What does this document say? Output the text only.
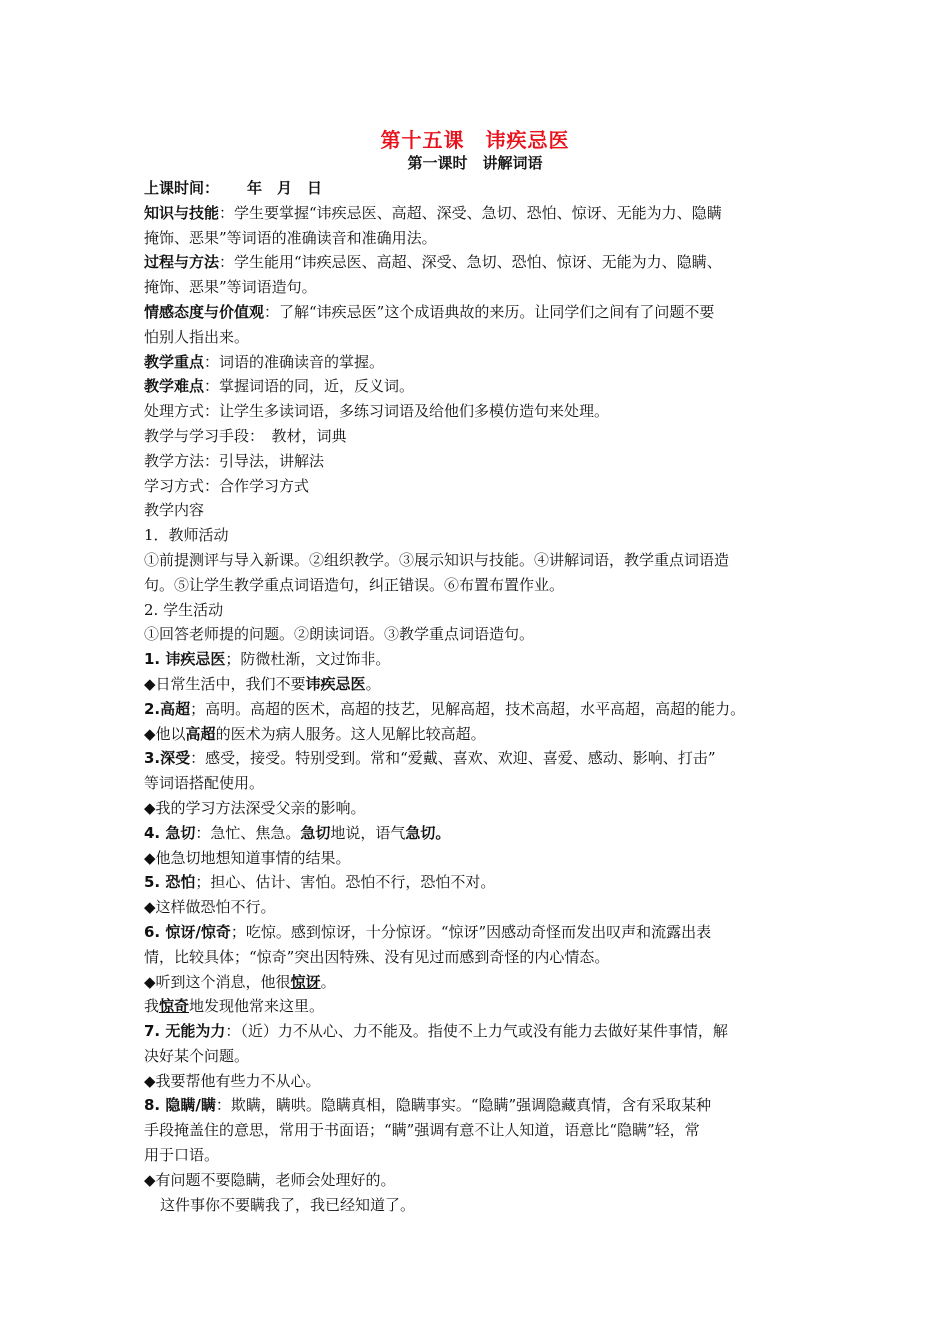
第十五课　讳疾忌医
第一课时　讲解词语
上课时间： 年　月　日
知识与技能：学生要掌握“讳疾忌医、高超、深受、急切、恐怕、惊讶、无能为力、隐瞒
掩饰、恶果”等词语的准确读音和准确用法。
过程与方法：学生能用“讳疾忌医、高超、深受、急切、恐怕、惊讶、无能为力、隐瞒、
掩饰、恶果”等词语造句。
情感态度与价值观：了解“讳疾忌医”这个成语典故的来历。让同学们之间有了问题不要
怕别人指出来。
教学重点：词语的准确读音的掌握。
教学难点：掌握词语的同，近，反义词。
处理方式：让学生多读词语，多练习词语及给他们多模仿造句来处理。
教学与学习手段：　教材，词典
教学方法：引导法，讲解法
学习方式：合作学习方式
教学内容
1．教师活动
①前提测评与导入新课。②组织教学。③展示知识与技能。④讲解词语，教学重点词语造
句。⑤让学生教学重点词语造句，纠正错误。⑥布置布置作业。
2. 学生活动
①回答老师提的问题。②朗读词语。③教学重点词语造句。
1. 讳疾忌医；防微杜渐，文过饰非。
◆日常生活中，我们不要讳疾忌医。
2.高超；高明。高超的医术，高超的技艺，见解高超，技术高超，水平高超，高超的能力。
◆他以高超的医术为病人服务。这人见解比较高超。
3.深受：感受，接受。特别受到。常和“爱戴、喜欢、欢迎、喜爱、感动、影响、打击”
等词语搭配使用。
◆我的学习方法深受父亲的影响。
4. 急切：急忙、焦急。急切地说，语气急切。
◆他急切地想知道事情的结果。
5. 恐怕；担心、估计、害怕。恐怕不行，恐怕不对。
◆这样做恐怕不行。
6. 惊讶/惊奇；吃惊。感到惊讶，十分惊讶。“惊讶”因感动奇怪而发出叹声和流露出表
情，比较具体；“惊奇”突出因特殊、没有见过而感到奇怪的内心情态。
◆听到这个消息，他很惊讶。
我惊奇地发现他常来这里。
7. 无能为力：（近）力不从心、力不能及。指使不上力气或没有能力去做好某件事情，解
决好某个问题。
◆我要帮他有些力不从心。
8. 隐瞒/瞒：欺瞒，瞒哄。隐瞒真相，隐瞒事实。“隐瞒”强调隐藏真情，含有采取某种
手段掩盖住的意思，常用于书面语；“瞒”强调有意不让人知道，语意比“隐瞒”轻，常
用于口语。
◆有问题不要隐瞒，老师会处理好的。
这件事你不要瞒我了，我已经知道了。
